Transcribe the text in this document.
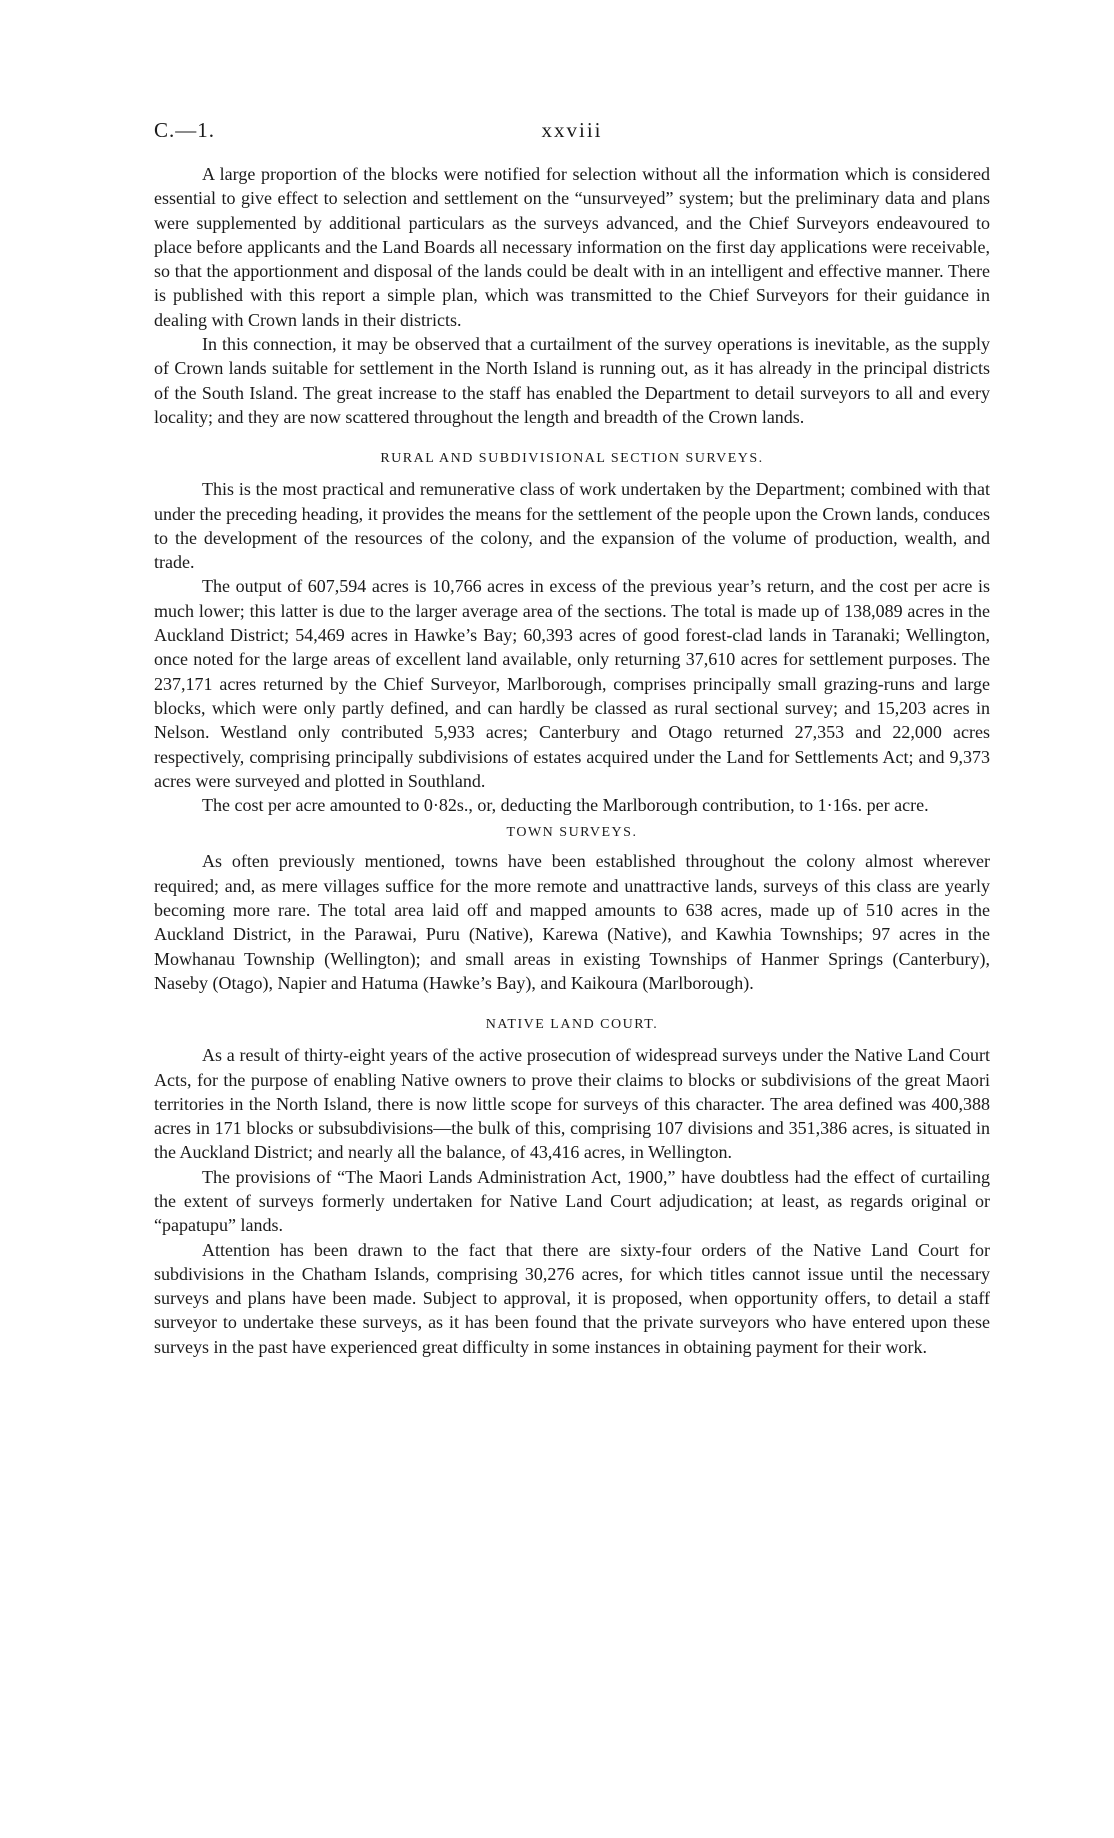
C.—1.	xxviii

A large proportion of the blocks were notified for selection without all the information which is considered essential to give effect to selection and settlement on the “unsurveyed” system; but the preliminary data and plans were supplemented by additional particulars as the surveys advanced, and the Chief Surveyors endeavoured to place before applicants and the Land Boards all necessary information on the first day applications were receivable, so that the apportionment and disposal of the lands could be dealt with in an intelligent and effective manner. There is published with this report a simple plan, which was transmitted to the Chief Surveyors for their guidance in dealing with Crown lands in their districts.

In this connection, it may be observed that a curtailment of the survey operations is inevitable, as the supply of Crown lands suitable for settlement in the North Island is running out, as it has already in the principal districts of the South Island. The great increase to the staff has enabled the Department to detail surveyors to all and every locality; and they are now scattered throughout the length and breadth of the Crown lands.

RURAL AND SUBDIVISIONAL SECTION SURVEYS.

This is the most practical and remunerative class of work undertaken by the Department; combined with that under the preceding heading, it provides the means for the settlement of the people upon the Crown lands, conduces to the development of the resources of the colony, and the expansion of the volume of production, wealth, and trade.

The output of 607,594 acres is 10,766 acres in excess of the previous year’s return, and the cost per acre is much lower; this latter is due to the larger average area of the sections. The total is made up of 138,089 acres in the Auckland District; 54,469 acres in Hawke’s Bay; 60,393 acres of good forest-clad lands in Taranaki; Wellington, once noted for the large areas of excellent land available, only returning 37,610 acres for settlement purposes. The 237,171 acres returned by the Chief Surveyor, Marlborough, comprises principally small grazing-runs and large blocks, which were only partly defined, and can hardly be classed as rural sectional survey; and 15,203 acres in Nelson. Westland only contributed 5,933 acres; Canterbury and Otago returned 27,353 and 22,000 acres respectively, comprising principally subdivisions of estates acquired under the Land for Settlements Act; and 9,373 acres were surveyed and plotted in Southland.

The cost per acre amounted to 0·82s., or, deducting the Marlborough contribution, to 1·16s. per acre.

TOWN SURVEYS.

As often previously mentioned, towns have been established throughout the colony almost wherever required; and, as mere villages suffice for the more remote and unattractive lands, surveys of this class are yearly becoming more rare. The total area laid off and mapped amounts to 638 acres, made up of 510 acres in the Auckland District, in the Parawai, Puru (Native), Karewa (Native), and Kawhia Townships; 97 acres in the Mowhanau Township (Wellington); and small areas in existing Townships of Hanmer Springs (Canterbury), Naseby (Otago), Napier and Hatuma (Hawke’s Bay), and Kaikoura (Marlborough).

NATIVE LAND COURT.

As a result of thirty-eight years of the active prosecution of widespread surveys under the Native Land Court Acts, for the purpose of enabling Native owners to prove their claims to blocks or subdivisions of the great Maori territories in the North Island, there is now little scope for surveys of this character. The area defined was 400,388 acres in 171 blocks or subsubdivisions—the bulk of this, comprising 107 divisions and 351,386 acres, is situated in the Auckland District; and nearly all the balance, of 43,416 acres, in Wellington.

The provisions of “The Maori Lands Administration Act, 1900,” have doubtless had the effect of curtailing the extent of surveys formerly undertaken for Native Land Court adjudication; at least, as regards original or “papatupu” lands.

Attention has been drawn to the fact that there are sixty-four orders of the Native Land Court for subdivisions in the Chatham Islands, comprising 30,276 acres, for which titles cannot issue until the necessary surveys and plans have been made. Subject to approval, it is proposed, when opportunity offers, to detail a staff surveyor to undertake these surveys, as it has been found that the private surveyors who have entered upon these surveys in the past have experienced great difficulty in some instances in obtaining payment for their work.
